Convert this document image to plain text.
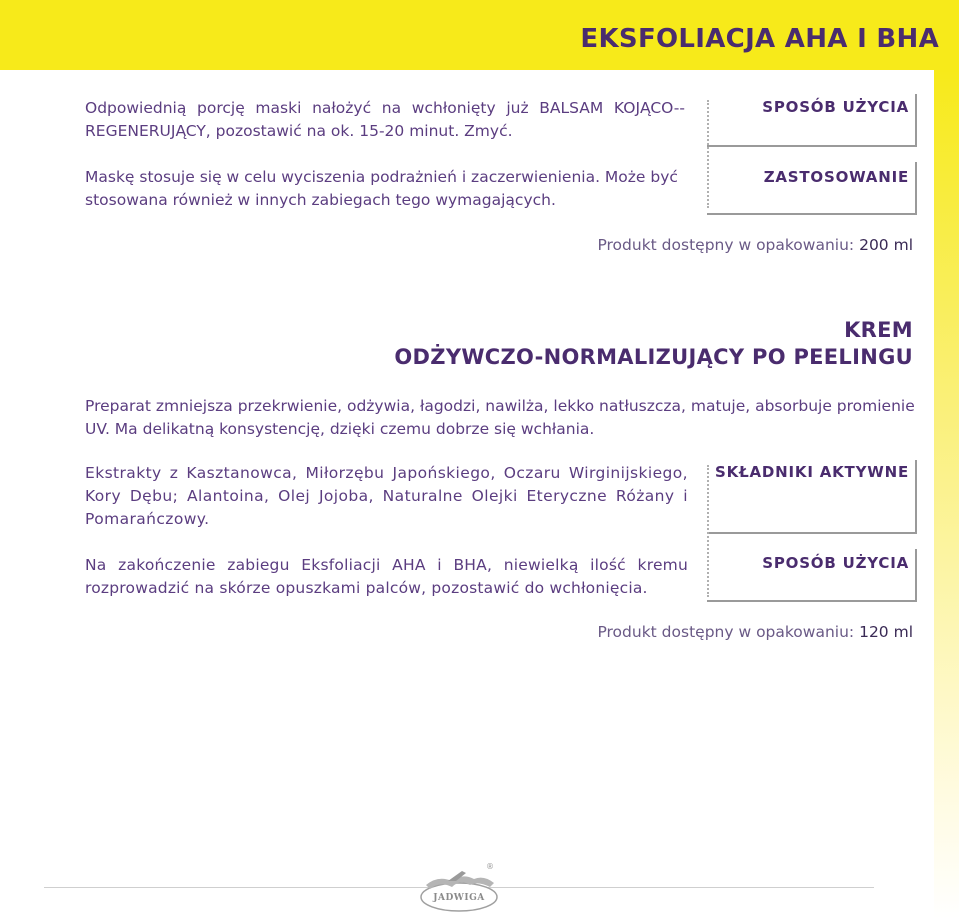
EKSFOLIACJA AHA I BHA
Odpowiednią porcję maski nałożyć na wchłonięty już BALSAM KOJĄCO--REGENERUJĄCY, pozostawić na ok. 15-20 minut. Zmyć.
SPOSÓB UŻYCIA
Maskę stosuje się w celu wyciszenia podrażnień i zaczerwienienia. Może być stosowana również w innych zabiegach tego wymagających.
ZASTOSOWANIE
Produkt dostępny w opakowaniu: 200 ml
KREM
ODŻYWCZO-NORMALIZUJĄCY PO PEELINGU
Preparat zmniejsza przekrwienie, odżywia, łagodzi, nawilża, lekko natłuszcza, matuje, absorbuje promienie UV. Ma delikatną konsystencję, dzięki czemu dobrze się wchłania.
Ekstrakty z Kasztanowca, Miłorzębu Japońskiego, Oczaru Wirginijskiego, Kory Dębu; Alantoina, Olej Jojoba, Naturalne Olejki Eteryczne Różany i Pomarańczowy.
SKŁADNIKI AKTYWNE
Na zakończenie zabiegu Eksfoliacji AHA i BHA, niewielką ilość kremu rozprowadzić na skórze opuszkami palców, pozostawić do wchłonięcia.
SPOSÓB UŻYCIA
Produkt dostępny w opakowaniu: 120 ml
JADWIGA
®
